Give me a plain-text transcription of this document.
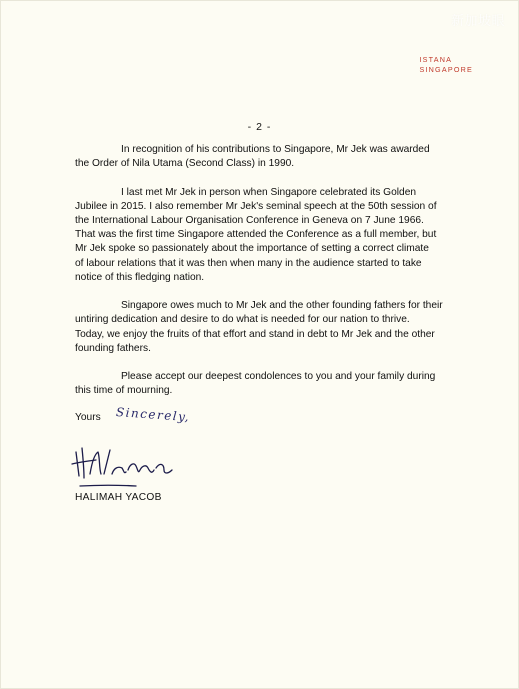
新加坡眼
ISTANA
SINGAPORE
- 2 -

In recognition of his contributions to Singapore, Mr Jek was awarded
the Order of Nila Utama (Second Class) in 1990.

I last met Mr Jek in person when Singapore celebrated its Golden
Jubilee in 2015. I also remember Mr Jek's seminal speech at the 50th session of
the International Labour Organisation Conference in Geneva on 7 June 1966.
That was the first time Singapore attended the Conference as a full member, but
Mr Jek spoke so passionately about the importance of setting a correct climate
of labour relations that it was then when many in the audience started to take
notice of this fledging nation.

Singapore owes much to Mr Jek and the other founding fathers for their
untiring dedication and desire to do what is needed for our nation to thrive.
Today, we enjoy the fruits of that effort and stand in debt to Mr Jek and the other
founding fathers.

Please accept our deepest condolences to you and your family during
this time of mourning.

Yours Sincerely,
HALIMAH YACOB
